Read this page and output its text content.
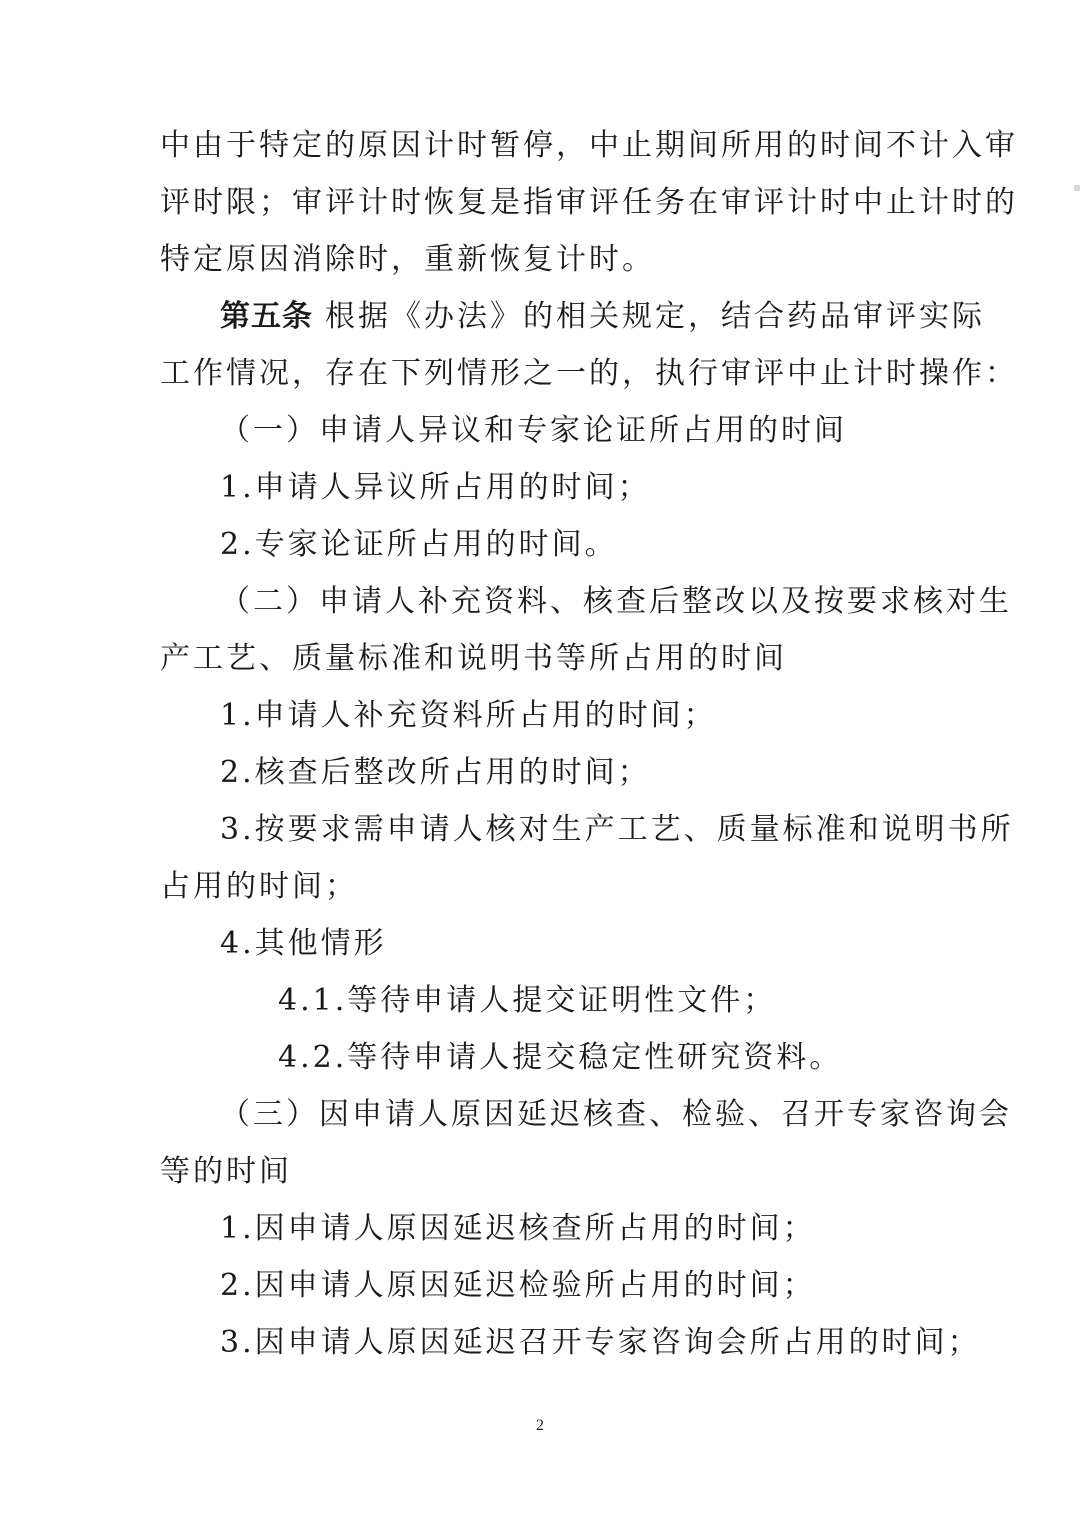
中由于特定的原因计时暂停，中止期间所用的时间不计入审
评时限；审评计时恢复是指审评任务在审评计时中止计时的
特定原因消除时，重新恢复计时。
第五条 根据《办法》的相关规定，结合药品审评实际
工作情况，存在下列情形之一的，执行审评中止计时操作：
（一）申请人异议和专家论证所占用的时间
1.申请人异议所占用的时间；
2.专家论证所占用的时间。
（二）申请人补充资料、核查后整改以及按要求核对生
产工艺、质量标准和说明书等所占用的时间
1.申请人补充资料所占用的时间；
2.核查后整改所占用的时间；
3.按要求需申请人核对生产工艺、质量标准和说明书所
占用的时间；
4.其他情形
4.1.等待申请人提交证明性文件；
4.2.等待申请人提交稳定性研究资料。
（三）因申请人原因延迟核查、检验、召开专家咨询会
等的时间
1.因申请人原因延迟核查所占用的时间；
2.因申请人原因延迟检验所占用的时间；
3.因申请人原因延迟召开专家咨询会所占用的时间；
2
